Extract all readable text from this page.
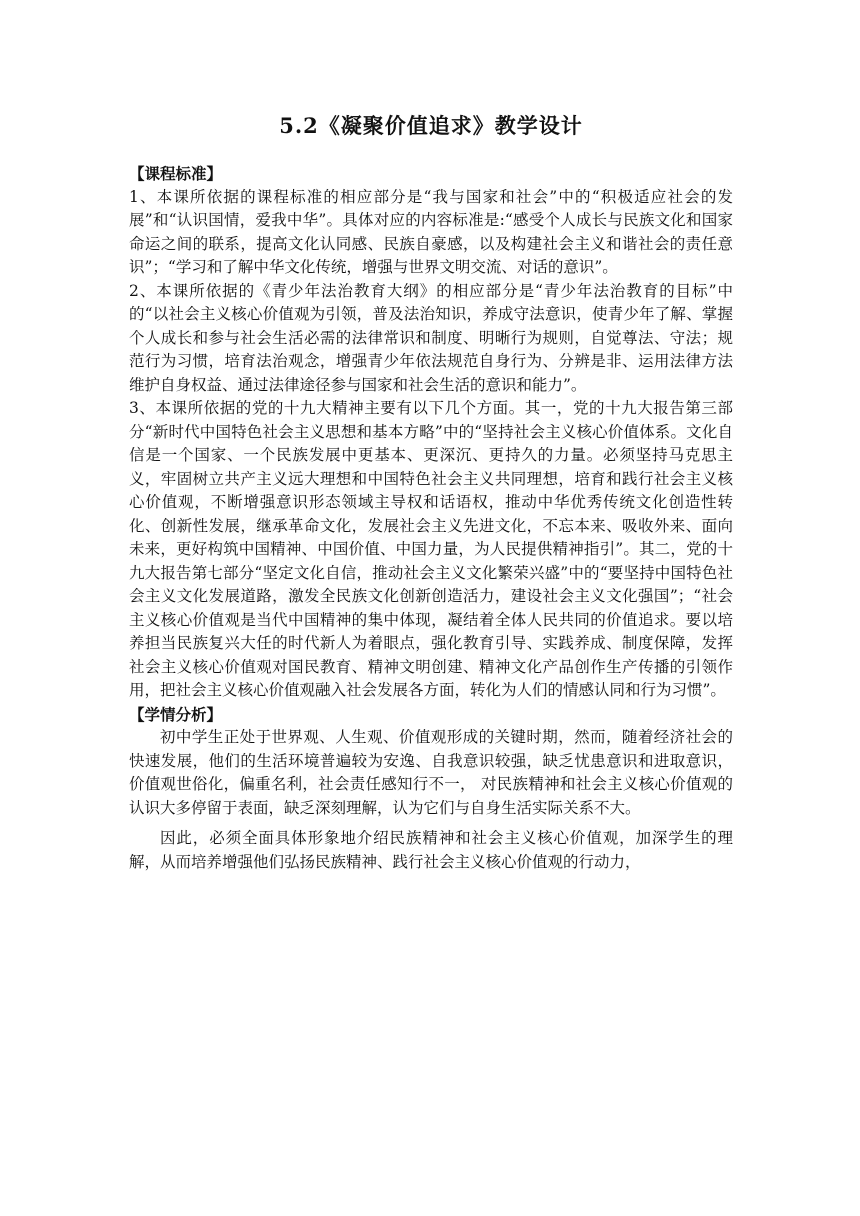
5.2《凝聚价值追求》教学设计

【课程标准】

1、本课所依据的课程标准的相应部分是“我与国家和社会”中的“积极适应社会的发展”和“认识国情，爱我中华”。具体对应的内容标准是:“感受个人成长与民族文化和国家命运之间的联系，提高文化认同感、民族自豪感，以及构建社会主义和谐社会的责任意识”；“学习和了解中华文化传统，增强与世界文明交流、对话的意识”。

2、本课所依据的《青少年法治教育大纲》的相应部分是“青少年法治教育的目标”中的“以社会主义核心价值观为引领，普及法治知识，养成守法意识，使青少年了解、掌握个人成长和参与社会生活必需的法律常识和制度、明晰行为规则，自觉尊法、守法；规范行为习惯，培育法治观念，增强青少年依法规范自身行为、分辨是非、运用法律方法维护自身权益、通过法律途径参与国家和社会生活的意识和能力”。

3、本课所依据的党的十九大精神主要有以下几个方面。其一，党的十九大报告第三部分“新时代中国特色社会主义思想和基本方略”中的“坚持社会主义核心价值体系。文化自信是一个国家、一个民族发展中更基本、更深沉、更持久的力量。必须坚持马克思主义，牢固树立共产主义远大理想和中国特色社会主义共同理想，培育和践行社会主义核心价值观，不断增强意识形态领域主导权和话语权，推动中华优秀传统文化创造性转化、创新性发展，继承革命文化，发展社会主义先进文化，不忘本来、吸收外来、面向未来，更好构筑中国精神、中国价值、中国力量，为人民提供精神指引”。其二，党的十九大报告第七部分“坚定文化自信，推动社会主义文化繁荣兴盛”中的“要坚持中国特色社会主义文化发展道路，激发全民族文化创新创造活力，建设社会主义文化强国”；“社会主义核心价值观是当代中国精神的集中体现，凝结着全体人民共同的价值追求。要以培养担当民族复兴大任的时代新人为着眼点，强化教育引导、实践养成、制度保障，发挥社会主义核心价值观对国民教育、精神文明创建、精神文化产品创作生产传播的引领作用，把社会主义核心价值观融入社会发展各方面，转化为人们的情感认同和行为习惯”。

【学情分析】

初中学生正处于世界观、人生观、价值观形成的关键时期，然而，随着经济社会的快速发展，他们的生活环境普遍较为安逸、自我意识较强，缺乏忧患意识和进取意识，价值观世俗化，偏重名利，社会责任感知行不一， 对民族精神和社会主义核心价值观的认识大多停留于表面，缺乏深刻理解，认为它们与自身生活实际关系不大。

因此，必须全面具体形象地介绍民族精神和社会主义核心价值观，加深学生的理解，从而培养增强他们弘扬民族精神、践行社会主义核心价值观的行动力，
